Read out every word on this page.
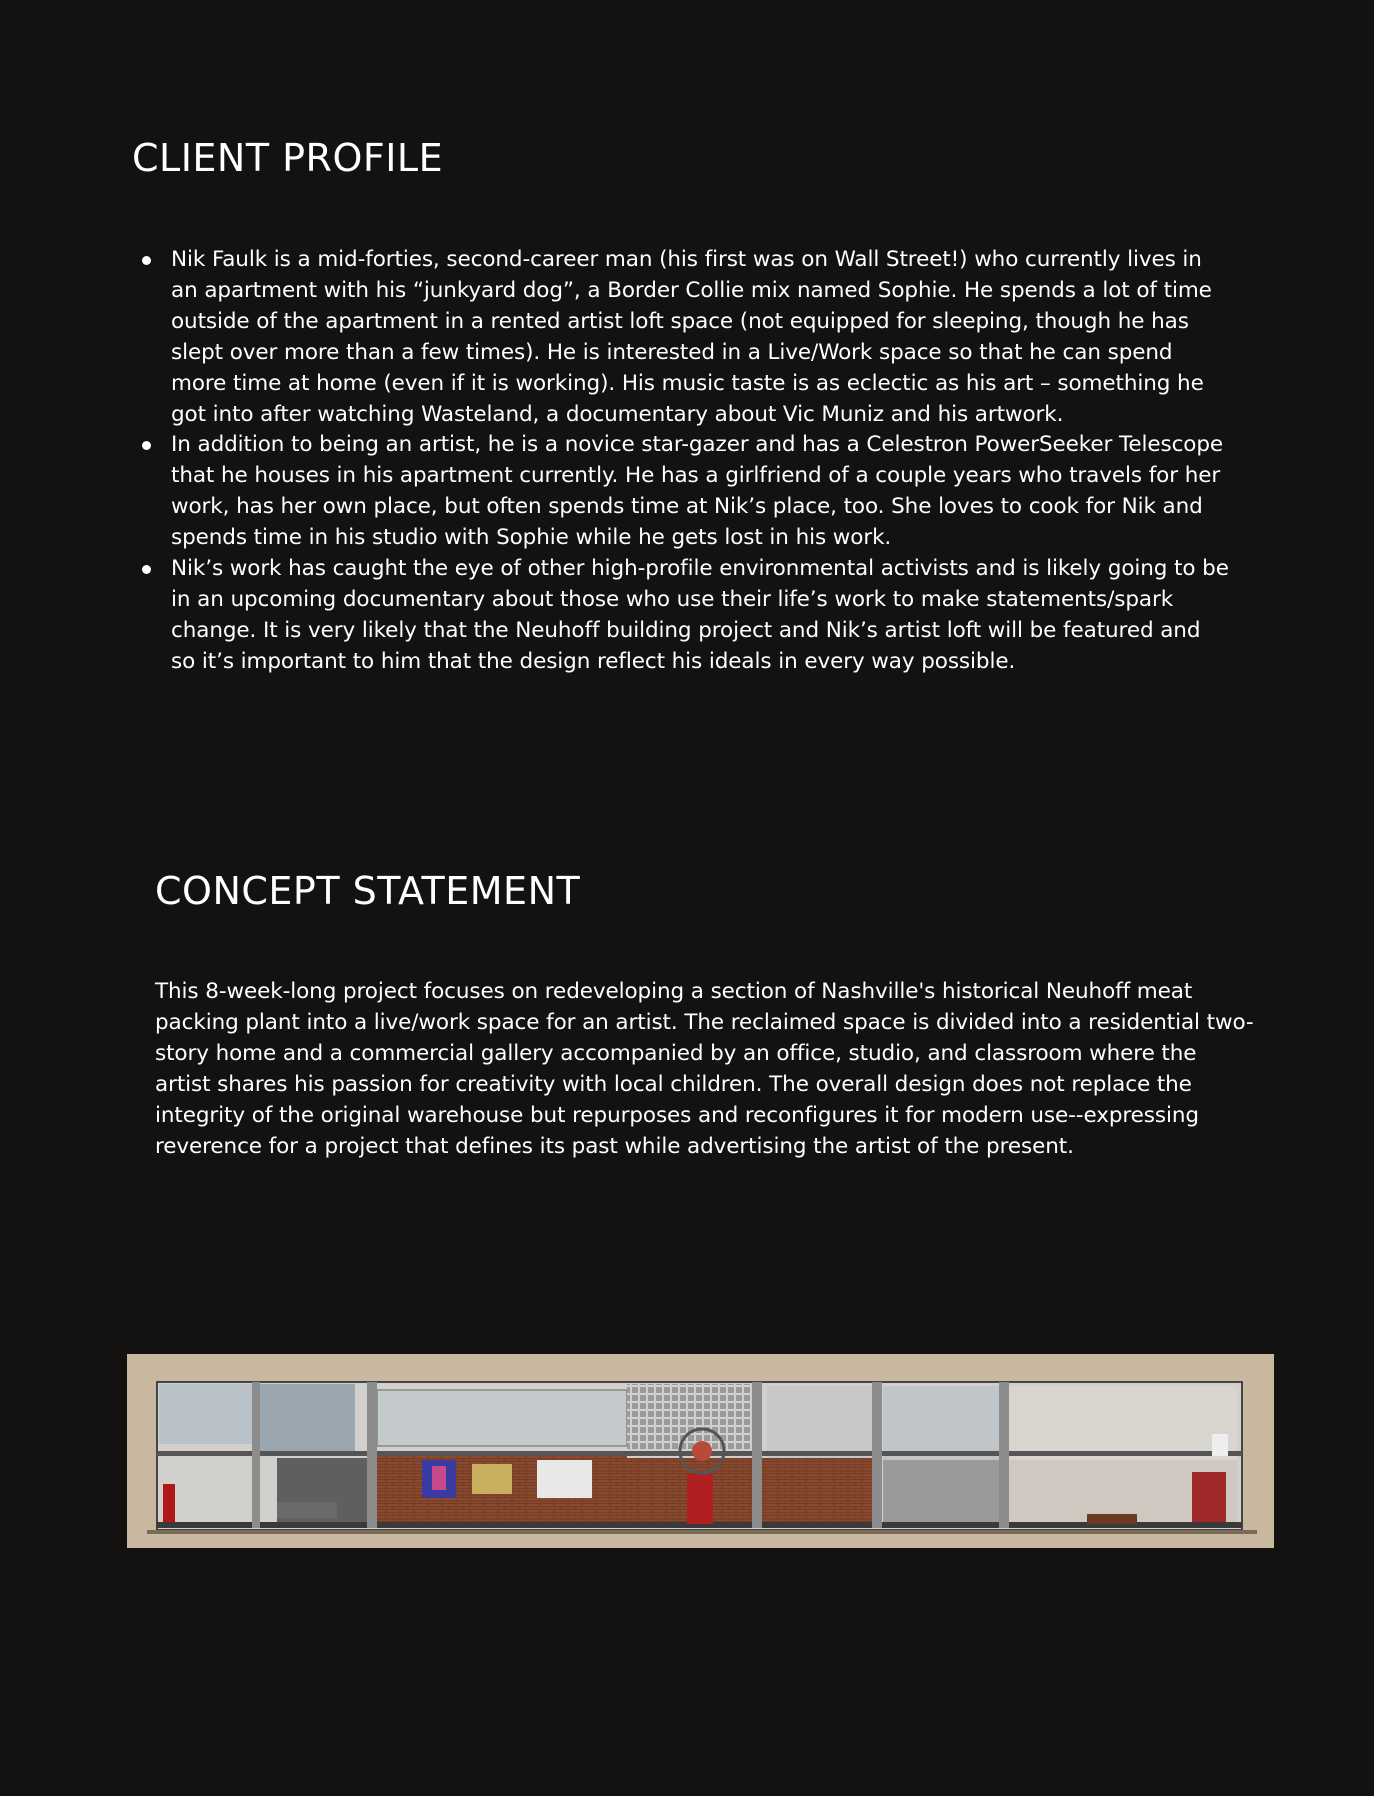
CLIENT PROFILE
Nik Faulk is a mid-forties, second-career man (his first was on Wall Street!) who currently lives in an apartment with his “junkyard dog”, a Border Collie mix named Sophie. He spends a lot of time outside of the apartment in a rented artist loft space (not equipped for sleeping, though he has slept over more than a few times). He is interested in a Live/Work space so that he can spend more time at home (even if it is working). His music taste is as eclectic as his art – something he got into after watching Wasteland, a documentary about Vic Muniz and his artwork.
In addition to being an artist, he is a novice star-gazer and has a Celestron PowerSeeker Telescope that he houses in his apartment currently. He has a girlfriend of a couple years who travels for her work, has her own place, but often spends time at Nik’s place, too. She loves to cook for Nik and spends time in his studio with Sophie while he gets lost in his work.
Nik’s work has caught the eye of other high-profile environmental activists and is likely going to be in an upcoming documentary about those who use their life’s work to make statements/spark change. It is very likely that the Neuhoff building project and Nik’s artist loft will be featured and so it’s important to him that the design reflect his ideals in every way possible.
CONCEPT STATEMENT

This 8-week-long project focuses on redeveloping a section of Nashville's historical Neuhoff meat packing plant into a live/work space for an artist. The reclaimed space is divided into a residential two-story home and a commercial gallery accompanied by an office, studio, and classroom where the artist shares his passion for creativity with local children. The overall design does not replace the integrity of the original warehouse but repurposes and reconfigures it for modern use--expressing reverence for a project that defines its past while advertising the artist of the present.
